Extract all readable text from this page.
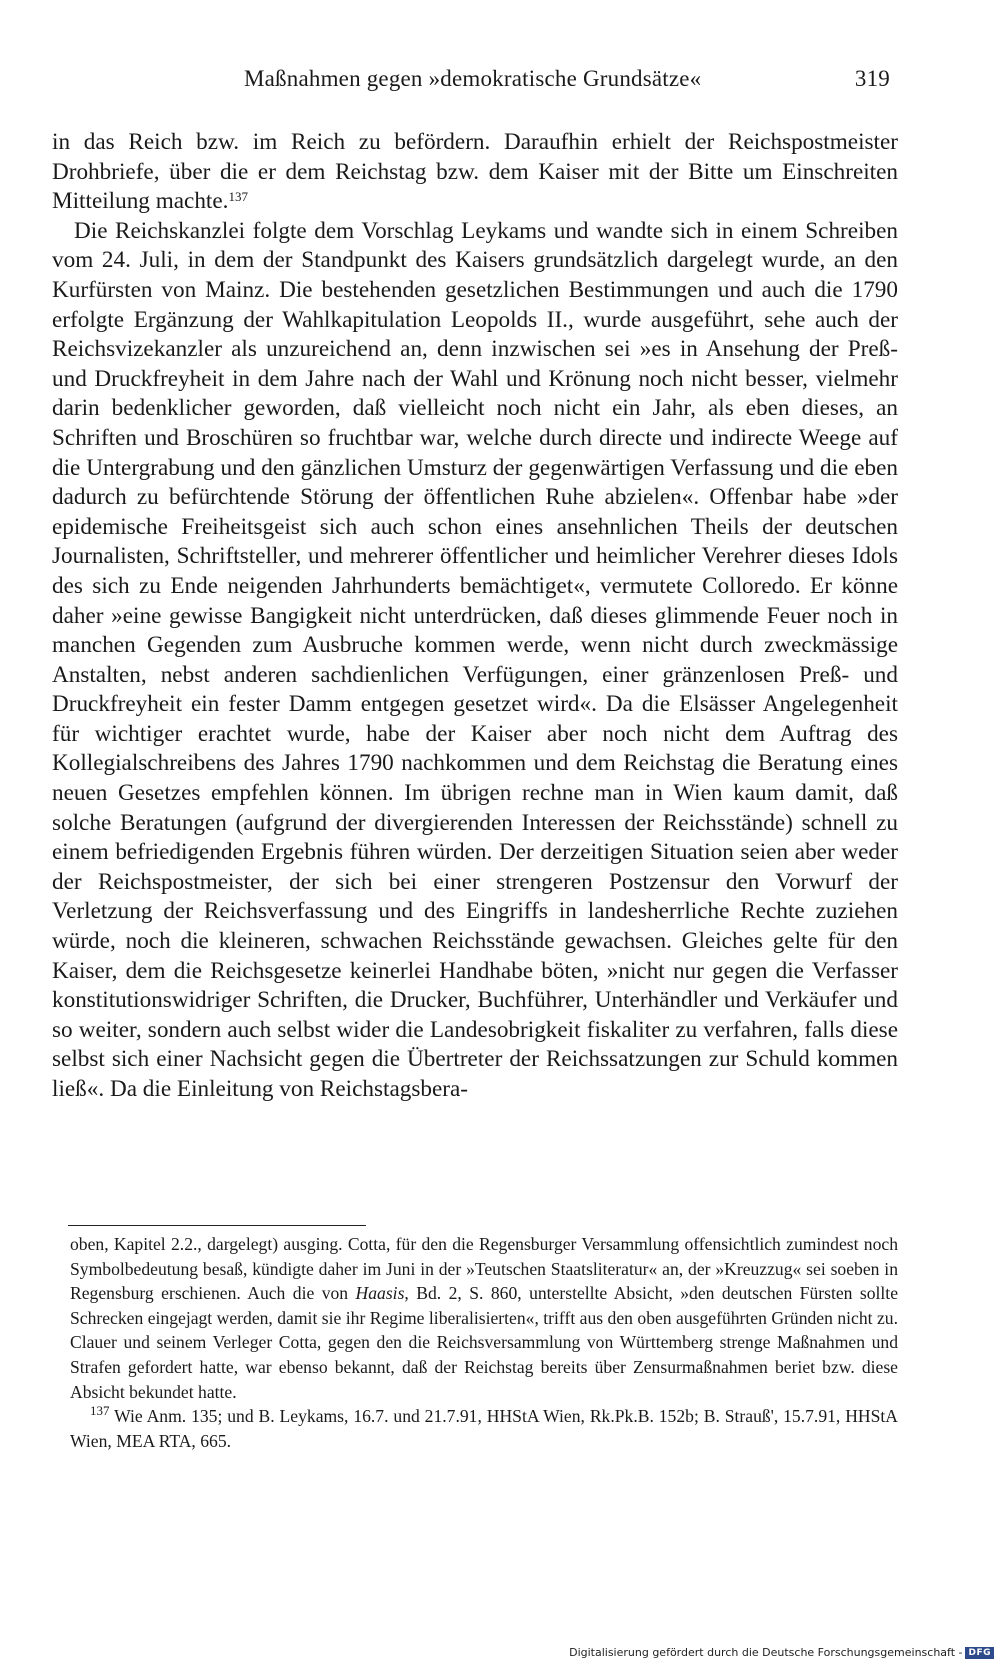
Maßnahmen gegen »demokratische Grundsätze«	319

in das Reich bzw. im Reich zu befördern. Daraufhin erhielt der Reichspostmeister Drohbriefe, über die er dem Reichstag bzw. dem Kaiser mit der Bitte um Einschreiten Mitteilung machte.$^{137}$

Die Reichskanzlei folgte dem Vorschlag Leykams und wandte sich in einem Schreiben vom 24. Juli, in dem der Standpunkt des Kaisers grundsätzlich dargelegt wurde, an den Kurfürsten von Mainz. Die bestehenden gesetzlichen Bestimmungen und auch die 1790 erfolgte Ergänzung der Wahlkapitulation Leopolds II., wurde ausgeführt, sehe auch der Reichsvizekanzler als unzureichend an, denn inzwischen sei »es in Ansehung der Preß- und Druckfreyheit in dem Jahre nach der Wahl und Krönung noch nicht besser, vielmehr darin bedenklicher geworden, daß vielleicht noch nicht ein Jahr, als eben dieses, an Schriften und Broschüren so fruchtbar war, welche durch directe und indirecte Weege auf die Untergrabung und den gänzlichen Umsturz der gegenwärtigen Verfassung und die eben dadurch zu befürchtende Störung der öffentlichen Ruhe abzielen«. Offenbar habe »der epidemische Freiheitsgeist sich auch schon eines ansehnlichen Theils der deutschen Journalisten, Schriftsteller, und mehrerer öffentlicher und heimlicher Verehrer dieses Idols des sich zu Ende neigenden Jahrhunderts bemächtiget«, vermutete Colloredo. Er könne daher »eine gewisse Bangigkeit nicht unterdrücken, daß dieses glimmende Feuer noch in manchen Gegenden zum Ausbruche kommen werde, wenn nicht durch zweckmässige Anstalten, nebst anderen sachdienlichen Verfügungen, einer gränzenlosen Preß- und Druckfreyheit ein fester Damm entgegen gesetzet wird«. Da die Elsässer Angelegenheit für wichtiger erachtet wurde, habe der Kaiser aber noch nicht dem Auftrag des Kollegialschreibens des Jahres 1790 nachkommen und dem Reichstag die Beratung eines neuen Gesetzes empfehlen können. Im übrigen rechne man in Wien kaum damit, daß solche Beratungen (aufgrund der divergierenden Interessen der Reichsstände) schnell zu einem befriedigenden Ergebnis führen würden. Der derzeitigen Situation seien aber weder der Reichspostmeister, der sich bei einer strengeren Postzensur den Vorwurf der Verletzung der Reichsverfassung und des Eingriffs in landesherrliche Rechte zuziehen würde, noch die kleineren, schwachen Reichsstände gewachsen. Gleiches gelte für den Kaiser, dem die Reichsgesetze keinerlei Handhabe böten, »nicht nur gegen die Verfasser konstitutionswidriger Schriften, die Drucker, Buchführer, Unterhändler und Verkäufer und so weiter, sondern auch selbst wider die Landesobrigkeit fiskaliter zu verfahren, falls diese selbst sich einer Nachsicht gegen die Übertreter der Reichssatzungen zur Schuld kommen ließ«. Da die Einleitung von Reichstagsbera-

oben, Kapitel 2.2., dargelegt) ausging. Cotta, für den die Regensburger Versammlung offensichtlich zumindest noch Symbolbedeutung besaß, kündigte daher im Juni in der »Teutschen Staatsliteratur« an, der »Kreuzzug« sei soeben in Regensburg erschienen. Auch die von Haasis, Bd. 2, S. 860, unterstellte Absicht, »den deutschen Fürsten sollte Schrecken eingejagt werden, damit sie ihr Regime liberalisierten«, trifft aus den oben ausgeführten Gründen nicht zu. Clauer und seinem Verleger Cotta, gegen den die Reichsversammlung von Württemberg strenge Maßnahmen und Strafen gefordert hatte, war ebenso bekannt, daß der Reichstag bereits über Zensurmaßnahmen beriet bzw. diese Absicht bekundet hatte.

$^{137}$ Wie Anm. 135; und B. Leykams, 16.7. und 21.7.91, HHStA Wien, Rk.Pk.B. 152b; B. Strauß', 15.7.91, HHStA Wien, MEA RTA, 665.

Digitalisierung gefördert durch die Deutsche Forschungsgemeinschaft - DFG
